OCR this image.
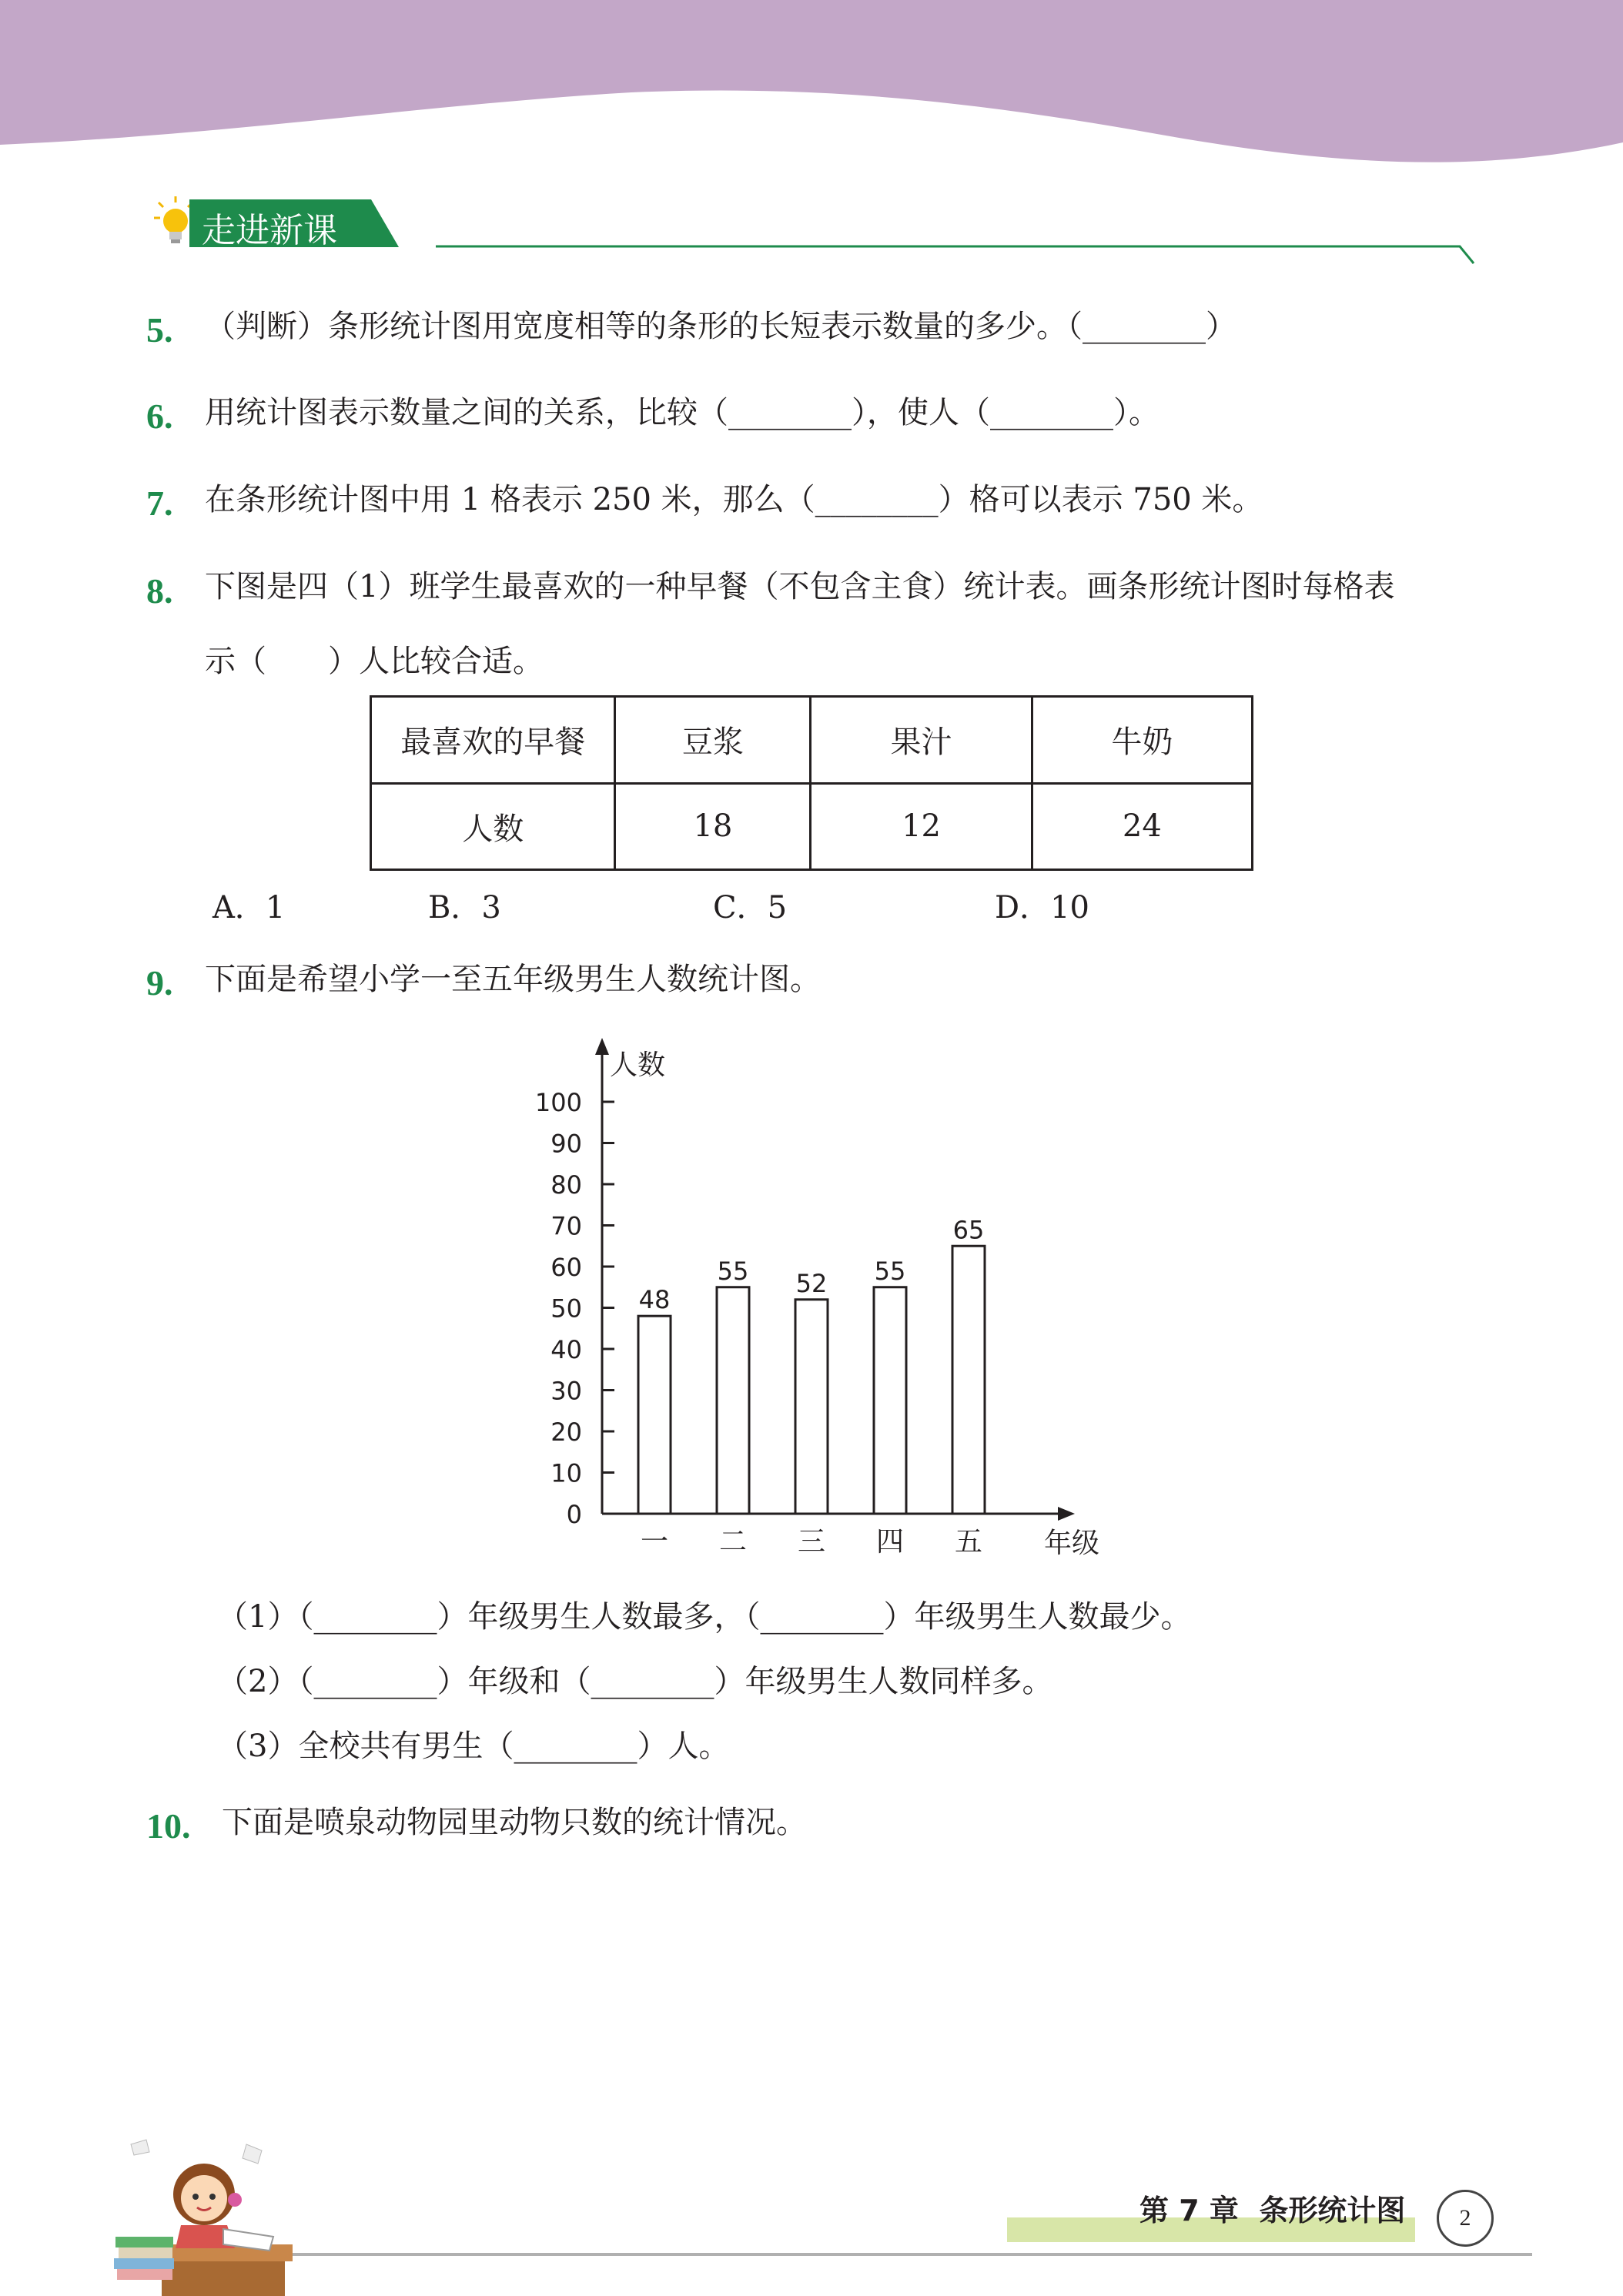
走进新课
5. （判断）条形统计图用宽度相等的条形的长短表示数量的多少。（________）
6. 用统计图表示数量之间的关系，比较（________），使人（________）。
7. 在条形统计图中用 1 格表示 250 米，那么（________）格可以表示 750 米。
8. 下图是四（1）班学生最喜欢的一种早餐（不包含主食）统计表。画条形统计图时每格表
示（　　）人比较合适。
最喜欢的早餐	豆浆	果汁	牛奶
人数	18	12	24
A．1	B．3	C．5	D．10
9. 下面是希望小学一至五年级男生人数统计图。
人数
年级
0
10
20
30
40
50
60
70
80
90
100
48
一
55
二
52
三
55
四
65
五
（1）（________）年级男生人数最多，（________）年级男生人数最少。
（2）（________）年级和（________）年级男生人数同样多。
（3）全校共有男生（________）人。
10. 下面是喷泉动物园里动物只数的统计情况。
第 7 章  条形统计图 2
